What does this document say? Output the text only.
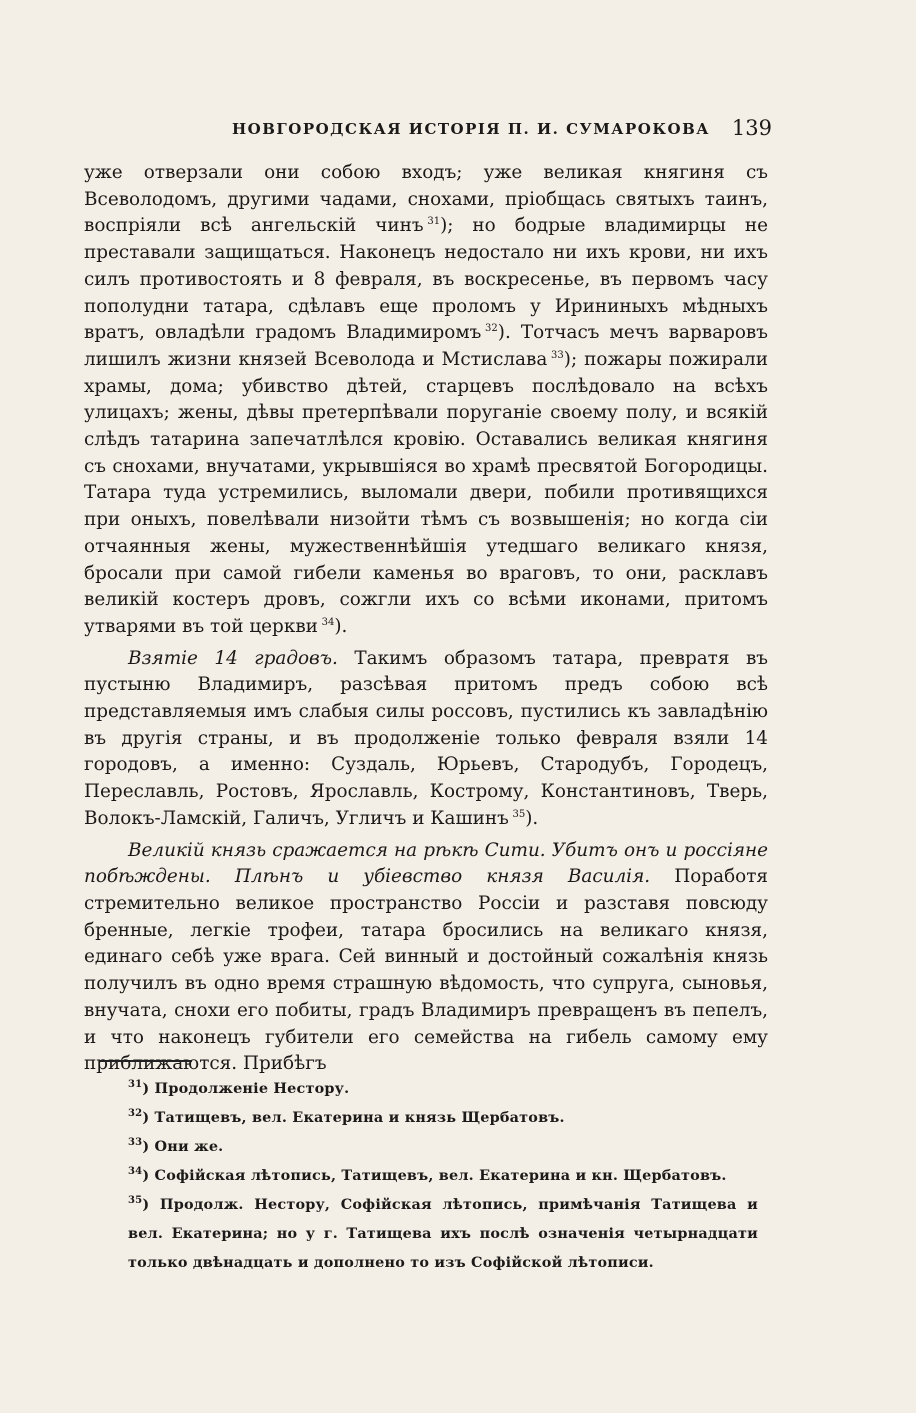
НОВГОРОДСКАЯ ИСТОРІЯ П. И. СУМАРОКОВА 139

уже отверзали они собою входъ; уже великая княгиня съ Всеволодомъ, другими чадами, снохами, пріобщась святыхъ таинъ, воспріяли всѣ ангельскій чинъ  $^{31}$); но бодрые владимирцы не преставали защищаться. Наконецъ недостало ни ихъ крови, ни ихъ силъ противостоять и 8 февраля, въ воскресенье, въ первомъ часу пополудни татара, сдѣлавъ еще проломъ у Ирининыхъ мѣдныхъ вратъ, овладѣли градомъ Владимиромъ  $^{32}$). Тотчасъ мечъ варваровъ лишилъ жизни князей Всеволода и Мстислава  $^{33}$); пожары пожирали храмы, дома; убивство дѣтей, старцевъ послѣдовало на всѣхъ улицахъ; жены, дѣвы претерпѣвали поруганіе своему полу, и всякій слѣдъ татарина запечатлѣлся кровію. Оставались великая княгиня съ снохами, внучатами, укрывшіяся во храмѣ пресвятой Богородицы. Татара туда устремились, выломали двери, побили противящихся при оныхъ, повелѣвали низойти тѣмъ съ возвышенія; но когда сіи отчаянныя жены, мужественнѣйшія утедшаго великаго князя, бросали при самой гибели каменья во враговъ, то они, расклавъ великій костеръ дровъ, сожгли ихъ со всѣми иконами, притомъ утварями въ той церкви  $^{34}$).

Взятіе 14 градовъ. Такимъ образомъ татара, превратя въ пустыню Владимиръ, разсѣвая притомъ предъ собою всѣ представляемыя имъ слабыя силы россовъ, пустились къ завладѣнію въ другія страны, и въ продолженіе только февраля взяли 14 городовъ, а именно: Суздаль, Юрьевъ, Стародубъ, Городецъ, Переславль, Ростовъ, Ярославль, Кострому, Константиновъ, Тверь, Волокъ-Ламскій, Галичъ, Угличъ и Кашинъ  $^{35}$).

Великій князь сражается на рѣкѣ Сити. Убитъ онъ и россіяне побѣждены. Плѣнъ и убіевство князя Василія. Поработя стремительно великое пространство Россіи и разставя повсюду бренные, легкіе трофеи, татара бросились на великаго князя, единаго себѣ уже врага. Сей винный и достойный сожалѣнія князь получилъ въ одно время страшную вѣдомость, что супруга, сыновья, внучата, снохи его побиты, градъ Владимиръ превращенъ въ пепелъ, и что наконецъ губители его семейства на гибель самому ему приближаются. Прибѣгъ

$^{31}$) Продолженіе Нестору.
$^{32}$) Татищевъ, вел. Екатерина и князь Щербатовъ.
$^{33}$) Они же.
$^{34}$) Софійская лѣтопись, Татищевъ, вел. Екатерина и кн. Щербатовъ.
$^{35}$) Продолж. Нестору, Софійская лѣтопись, примѣчанія Татищева и вел. Екатерина; но у г. Татищева ихъ послѣ означенія четырнадцати только двѣнадцать и дополнено то изъ Софійской лѣтописи.
